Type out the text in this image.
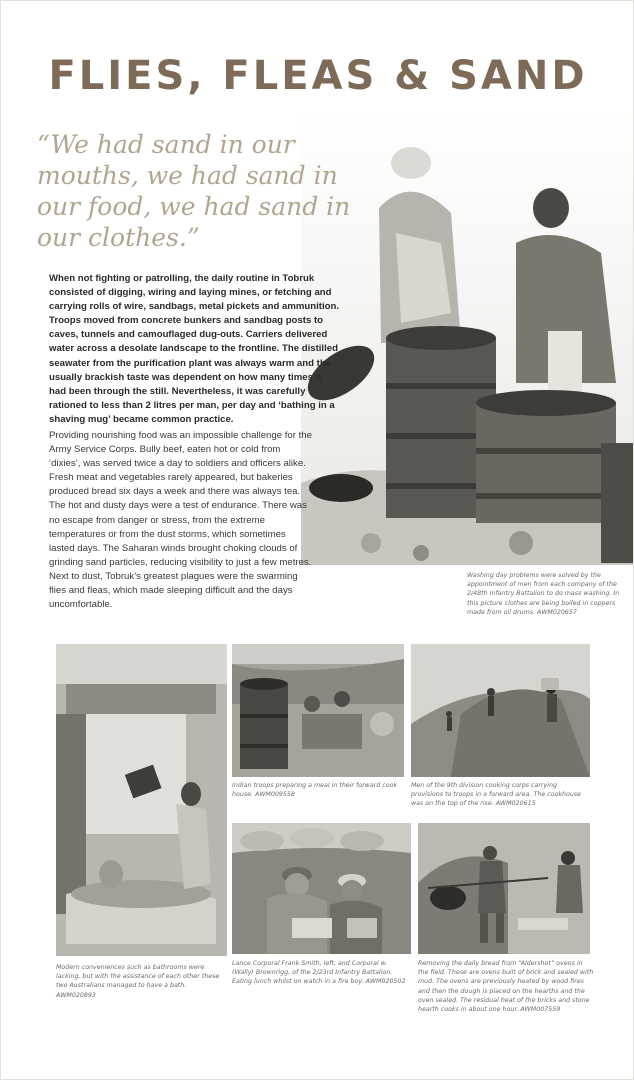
FLIES, FLEAS & SAND

“We had sand in our mouths, we had sand in our food, we had sand in our clothes.”

When not fighting or patrolling, the daily routine in Tobruk consisted of digging, wiring and laying mines, or fetching and carrying rolls of wire, sandbags, metal pickets and ammunition. Troops moved from concrete bunkers and sandbag posts to caves, tunnels and camouflaged dug-outs. Carriers delivered water across a desolate landscape to the frontline. The distilled seawater from the purification plant was always warm and the usually brackish taste was dependent on how many times it had been through the still. Nevertheless, it was carefully rationed to less than 2 litres per man, per day and ‘bathing in a shaving mug’ became common practice.

Providing nourishing food was an impossible challenge for the Army Service Corps. Bully beef, eaten hot or cold from ‘dixies’, was served twice a day to soldiers and officers alike. Fresh meat and vegetables rarely appeared, but bakeries produced bread six days a week and there was always tea. The hot and dusty days were a test of endurance. There was no escape from danger or stress, from the extreme temperatures or from the dust storms, which sometimes lasted days. The Saharan winds brought choking clouds of grinding sand particles, reducing visibility to just a few metres. Next to dust, Tobruk’s greatest plagues were the swarming flies and fleas, which made sleeping difficult and the days uncomfortable.

Washing day problems were solved by the appointment of men from each company of the 2/48th Infantry Battalion to do mass washing. In this picture clothes are being boiled in coppers made from oil drums. AWM020657

Modern conveniences such as bathrooms were lacking, but with the assistance of each other these two Australians managed to have a bath. AWM020893

Indian troops preparing a meal in their forward cook house. AWM009558

Men of the 9th division cooking corps carrying provisions to troops in a forward area. The cookhouse was on the top of the rise. AWM020615

Lance Corporal Frank Smith, left, and Corporal w. (Wally) Brownrigg, of the 2/23rd Infantry Battalion. Eating lunch whilst on watch in a fire boy. AWM020502

Removing the daily bread from “Aldershot” ovens in the field. These are ovens built of brick and sealed with mud. The ovens are previously heated by wood fires and then the dough is placed on the hearths and the oven sealed. The residual heat of the bricks and stone hearth cooks in about one hour. AWM007559
